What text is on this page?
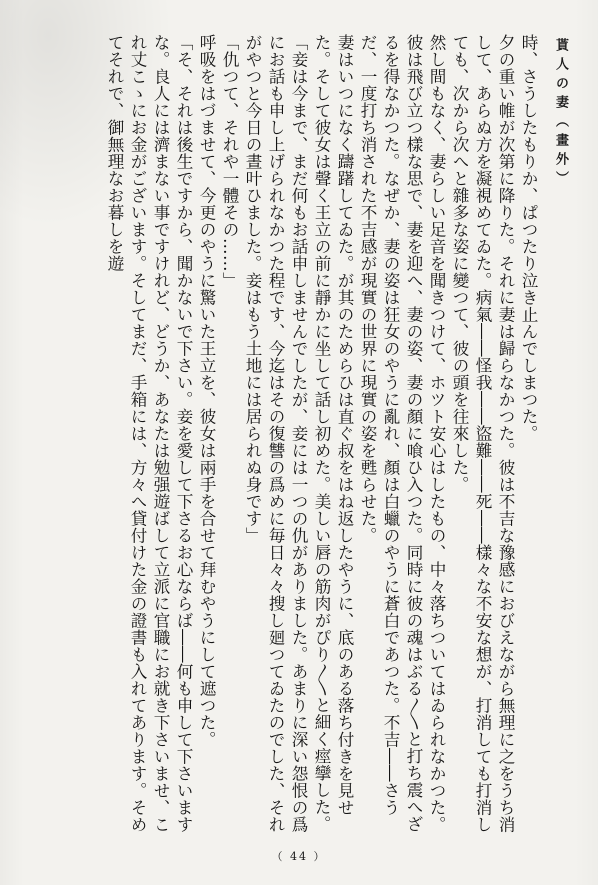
貰人の妻（畫外）

時、さうしたもりか、ぱつたり泣き止んでしまつた。

夕の重い帷が次第に降りた。それに妻は歸らなかつた。彼は不吉な豫感におびえながら無理に之をうち消して、あらぬ方を凝視めてゐた。病氣――怪我――盜難――死――樣々な不安な想が、打消しても打消しても、次から次へと雜多な姿に變つて、彼の頭を往來した。

然し間もなく、妻らしい足音を聞きつけて、ホツト安心はしたもの、中々落ちついてはゐられなかつた。

彼は飛び立つ樣な思で、妻を迎へ、妻の姿、妻の顏に喰ひ入つた。同時に彼の魂はぶる〳〵と打ち震へざるを得なかつた。なぜか、妻の姿は狂女のやうに亂れ、顏は白蠟のやうに蒼白であつた。不吉――さうだ、一度打ち消された不吉感が現實の世界に現實の姿を甦らせた。

妻はいつになく躊躇してゐた。が其のためらひは直ぐ叔をはね返したやうに、底のある落ち付きを見せた。そして彼女は聲く王立の前に靜かに坐して話し初めた。美しい唇の筋肉がぴり〳〵と細く痙攣した。

「妾は今まで、まだ何もお話申しませんでしたが、妾には一つの仇がありました。あまりに深い怨恨の爲にお話も申し上げられなかつた程です、今迄はその復讐の爲めに毎日々々搜し廻つてゐたのでした、それがやつと今日の晝叶ひました。妾はもう土地には居られぬ身です」

「仇つて、それや一體その……」

呼吸をはづませて、今更のやうに驚いた王立を、彼女は兩手を合せて拜むやうにして遮つた。

「そ、それは後生ですから、聞かないで下さい。妾を愛して下さるお心ならば――何も申して下さいますな。良人には濟まない事ですけれど、どうか、あなたは勉强遊ばして立派に官職にお就き下さいませ、これ丈こゝにお金がございます。そしてまだ、手箱には、方々へ貸付けた金の證書も入れてあります。そめてそれで、御無理なお暮しを遊

（ 44 ）
